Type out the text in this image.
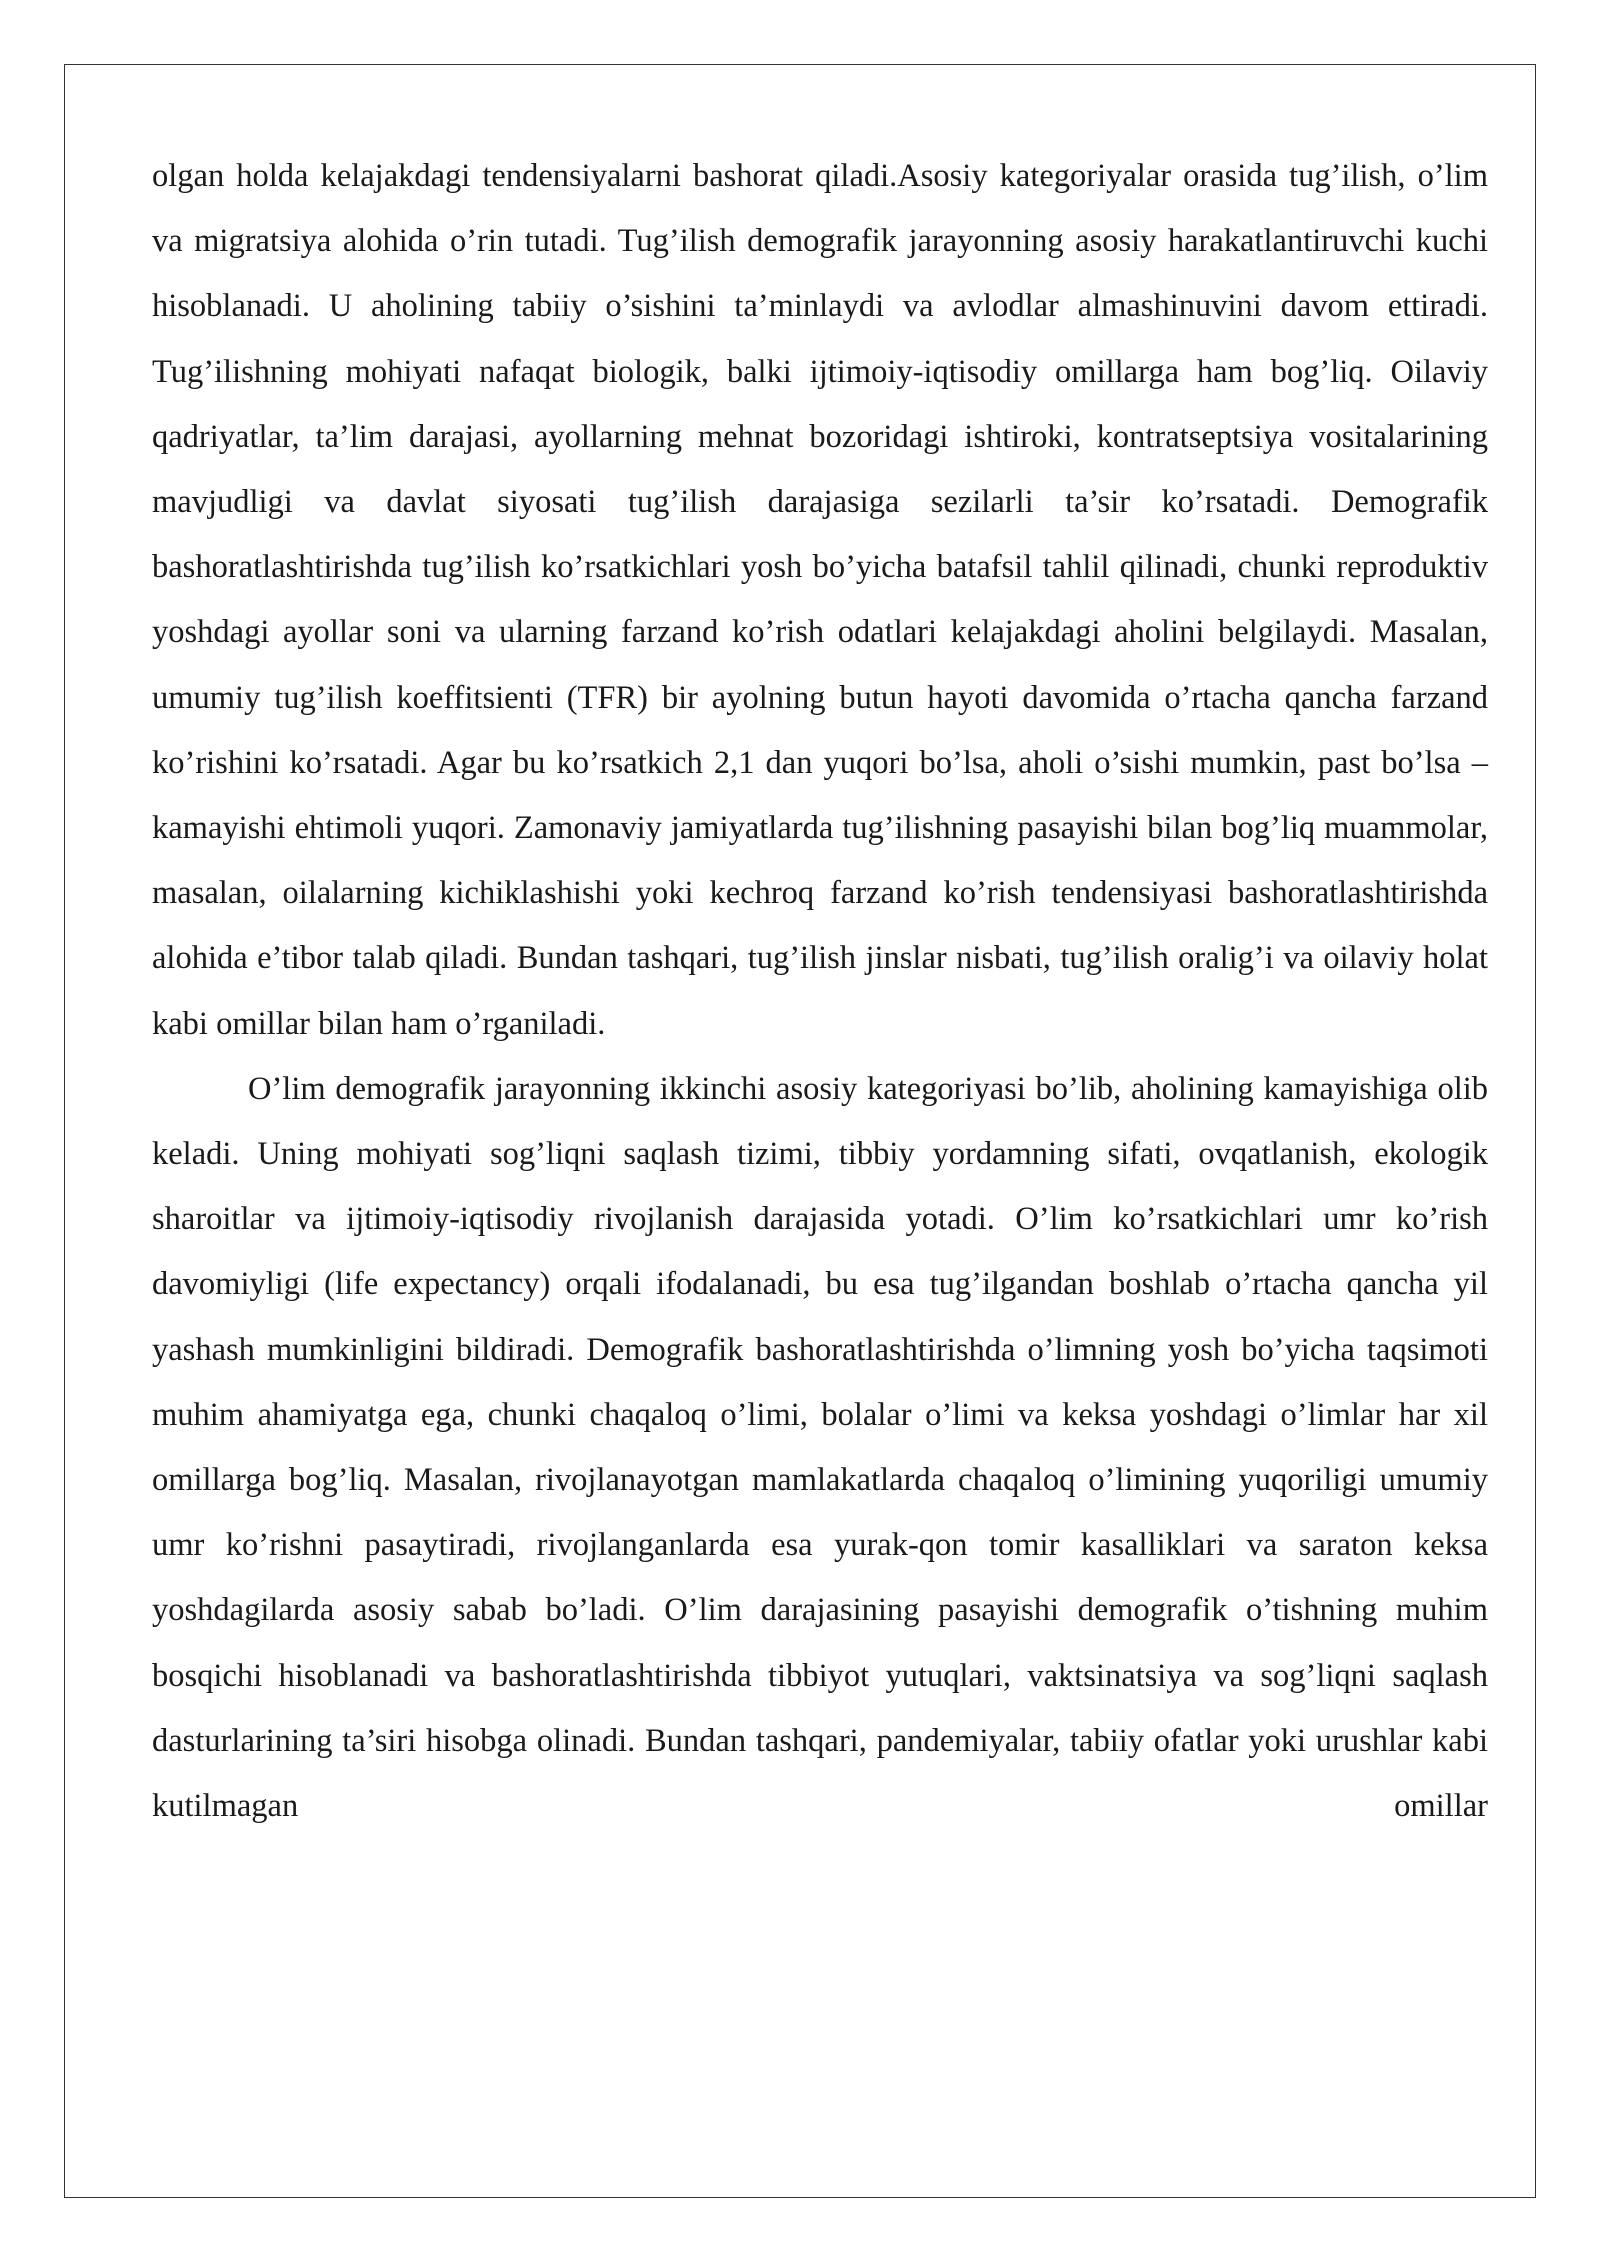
olgan holda kelajakdagi tendensiyalarni bashorat qiladi.Asosiy kategoriyalar orasida tug’ilish, o’lim va migratsiya alohida o’rin tutadi. Tug’ilish demografik jarayonning asosiy harakatlantiruvchi kuchi hisoblanadi. U aholining tabiiy o’sishini ta’minlaydi va avlodlar almashinuvini davom ettiradi. Tug’ilishning mohiyati nafaqat biologik, balki ijtimoiy-iqtisodiy omillarga ham bog’liq. Oilaviy qadriyatlar, ta’lim darajasi, ayollarning mehnat bozoridagi ishtiroki, kontratseptsiya vositalarining mavjudligi va davlat siyosati tug’ilish darajasiga sezilarli ta’sir ko’rsatadi. Demografik bashoratlashtirishda tug’ilish ko’rsatkichlari yosh bo’yicha batafsil tahlil qilinadi, chunki reproduktiv yoshdagi ayollar soni va ularning farzand ko’rish odatlari kelajakdagi aholini belgilaydi. Masalan, umumiy tug’ilish koeffitsienti (TFR) bir ayolning butun hayoti davomida o’rtacha qancha farzand ko’rishini ko’rsatadi. Agar bu ko’rsatkich 2,1 dan yuqori bo’lsa, aholi o’sishi mumkin, past bo’lsa – kamayishi ehtimoli yuqori. Zamonaviy jamiyatlarda tug’ilishning pasayishi bilan bog’liq muammolar, masalan, oilalarning kichiklashishi yoki kechroq farzand ko’rish tendensiyasi bashoratlashtirishda alohida e’tibor talab qiladi. Bundan tashqari, tug’ilish jinslar nisbati, tug’ilish oralig’i va oilaviy holat kabi omillar bilan ham o’rganiladi.

O’lim demografik jarayonning ikkinchi asosiy kategoriyasi bo’lib, aholining kamayishiga olib keladi. Uning mohiyati sog’liqni saqlash tizimi, tibbiy yordamning sifati, ovqatlanish, ekologik sharoitlar va ijtimoiy-iqtisodiy rivojlanish darajasida yotadi. O’lim ko’rsatkichlari umr ko’rish davomiyligi (life expectancy) orqali ifodalanadi, bu esa tug’ilgandan boshlab o’rtacha qancha yil yashash mumkinligini bildiradi. Demografik bashoratlashtirishda o’limning yosh bo’yicha taqsimoti muhim ahamiyatga ega, chunki chaqaloq o’limi, bolalar o’limi va keksa yoshdagi o’limlar har xil omillarga bog’liq. Masalan, rivojlanayotgan mamlakatlarda chaqaloq o’limining yuqoriligi umumiy umr ko’rishni pasaytiradi, rivojlanganlarda esa yurak-qon tomir kasalliklari va saraton keksa yoshdagilarda asosiy sabab bo’ladi. O’lim darajasining pasayishi demografik o’tishning muhim bosqichi hisoblanadi va bashoratlashtirishda tibbiyot yutuqlari, vaktsinatsiya va sog’liqni saqlash dasturlarining ta’siri hisobga olinadi. Bundan tashqari, pandemiyalar, tabiiy ofatlar yoki urushlar kabi kutilmagan omillar
